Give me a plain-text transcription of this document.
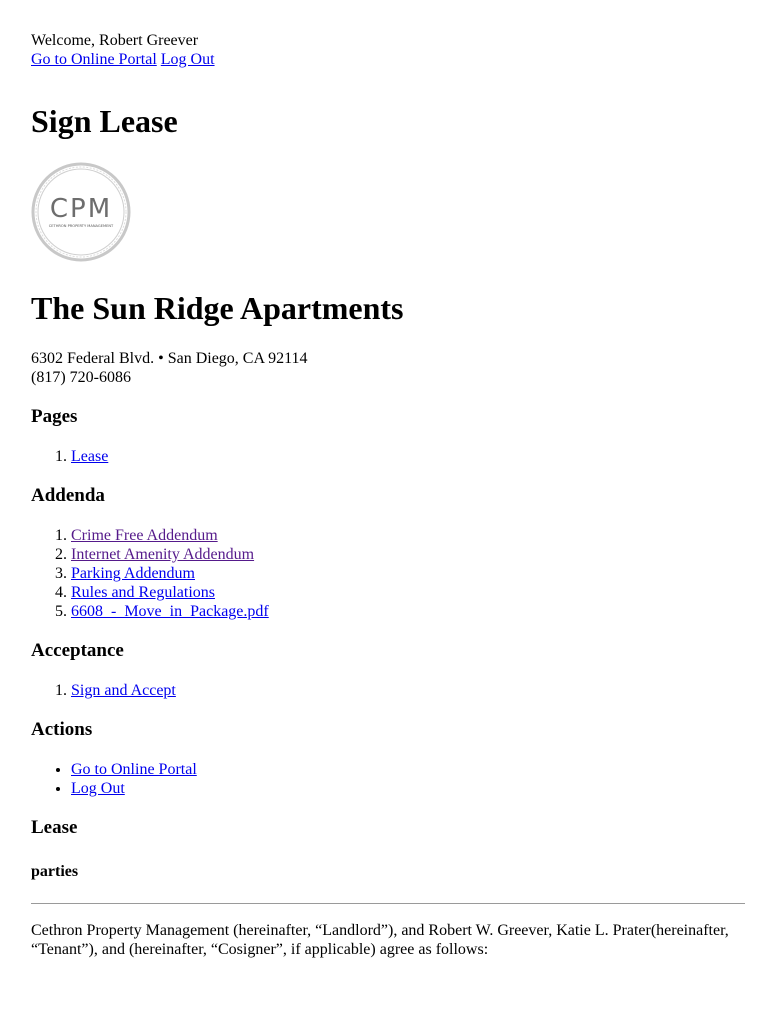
Welcome, Robert Greever
Go to Online Portal Log Out
Sign Lease
CPM
CETHRON PROPERTY MANAGEMENT
The Sun Ridge Apartments
6302 Federal Blvd. • San Diego, CA 92114
(817) 720-6086
Pages
1. Lease
Addenda
1. Crime Free Addendum
2. Internet Amenity Addendum
3. Parking Addendum
4. Rules and Regulations
5. 6608_-_Move_in_Package.pdf
Acceptance
1. Sign and Accept
Actions
• Go to Online Portal
• Log Out
Lease
parties
Cethron Property Management (hereinafter, “Landlord”), and Robert W. Greever, Katie L. Prater(hereinafter, “Tenant”), and (hereinafter, “Cosigner”, if applicable) agree as follows:
